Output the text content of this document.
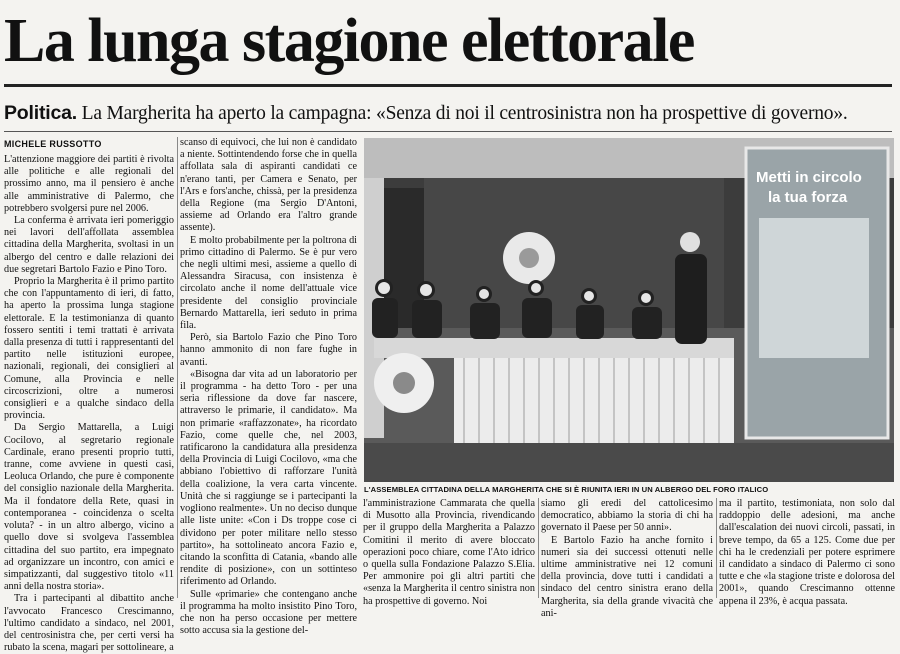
La lunga stagione elettorale
Politica. La Margherita ha aperto la campagna: «Senza di noi il centrosinistra non ha prospettive di governo».
MICHELE RUSSOTTO

L'attenzione maggiore dei partiti è rivolta alle politiche e alle regionali del prossimo anno, ma il pensiero è anche alle amministrative di Palermo, che potrebbero svolgersi pure nel 2006.

La conferma è arrivata ieri pomeriggio nei lavori dell'affollata assemblea cittadina della Margherita, svoltasi in un albergo del centro e dalle relazioni dei due segretari Bartolo Fazio e Pino Toro.

Proprio la Margherita è il primo partito che con l'appuntamento di ieri, di fatto, ha aperto la prossima lunga stagione elettorale. E la testimonianza di quanto fossero sentiti i temi trattati è arrivata dalla presenza di tutti i rappresentanti del partito nelle istituzioni europee, nazionali, regionali, dei consiglieri al Comune, alla Provincia e nelle circoscrizioni, oltre a numerosi consiglieri e a qualche sindaco della provincia.

Da Sergio Mattarella, a Luigi Cocilovo, al segretario regionale Cardinale, erano presenti proprio tutti, tranne, come avviene in questi casi, Leoluca Orlando, che pure è componente del consiglio nazionale della Margherita. Ma il fondatore della Rete, quasi in contemporanea - coincidenza o scelta voluta? - in un altro albergo, vicino a quello dove si svolgeva l'assemblea cittadina del suo partito, era impegnato ad organizzare un incontro, con amici e simpatizzanti, dal suggestivo titolo «11 anni della nostra storia».

Tra i partecipanti al dibattito anche l'avvocato Francesco Crescimanno, l'ultimo candidato a sindaco, nel 2001, del centrosinistra che, per certi versi ha rubato la scena, magari per sottolineare, a

scanso di equivoci, che lui non è candidato a niente. Sottintendendo forse che in quella affollata sala di aspiranti candidati ce n'erano tanti, per Camera e Senato, per l'Ars e fors'anche, chissà, per la presidenza della Regione (ma Sergio D'Antoni, assieme ad Orlando era l'altro grande assente).

E molto probabilmente per la poltrona di primo cittadino di Palermo. Se è pur vero che negli ultimi mesi, assieme a quello di Alessandra Siracusa, con insistenza è circolato anche il nome dell'attuale vice presidente del consiglio provinciale Bernardo Mattarella, ieri seduto in prima fila.

Però, sia Bartolo Fazio che Pino Toro hanno ammonito di non fare fughe in avanti.

«Bisogna dar vita ad un laboratorio per il programma - ha detto Toro - per una seria riflessione da dove far nascere, attraverso le primarie, il candidato». Ma non primarie «raffazzonate», ha ricordato Fazio, come quelle che, nel 2003, ratificarono la candidatura alla presidenza della Provincia di Luigi Cocilovo, «ma che abbiano l'obiettivo di rafforzare l'unità della coalizione, la vera carta vincente. Unità che si raggiunge se i partecipanti la vogliono realmente». Un no deciso dunque alle liste unite: «Con i Ds troppe cose ci dividono per poter militare nello stesso partito», ha sottolineato ancora Fazio e, citando la sconfitta di Catania, «bando alle rendite di posizione», con un sottinteso riferimento ad Orlando.

Sulle «primarie» che contengano anche il programma ha molto insistito Pino Toro, che non ha perso occasione per mettere sotto accusa sia la gestione del-

Metti in circolo
la tua forza
L'ASSEMBLEA CITTADINA DELLA MARGHERITA CHE SI È RIUNITA IERI IN UN ALBERGO DEL FORO ITALICO

l'amministrazione Cammarata che quella di Musotto alla Provincia, rivendicando per il gruppo della Margherita a Palazzo Comitini il merito di avere bloccato operazioni poco chiare, come l'Ato idrico o quella sulla Fondazione Palazzo S.Elia. Per ammonire poi gli altri partiti che «senza la Margherita il centro sinistra non ha prospettive di governo. Noi

siamo gli eredi del cattolicesimo democratico, abbiamo la storia di chi ha governato il Paese per 50 anni».

E Bartolo Fazio ha anche fornito i numeri sia dei successi ottenuti nelle ultime amministrative nei 12 comuni della provincia, dove tutti i candidati a sindaco del centro sinistra erano della Margherita, sia della grande vivacità che ani-

ma il partito, testimoniata, non solo dal raddoppio delle adesioni, ma anche dall'escalation dei nuovi circoli, passati, in breve tempo, da 65 a 125. Come due per chi ha le credenziali per potere esprimere il candidato a sindaco di Palermo ci sono tutte e che «la stagione triste e dolorosa del 2001», quando Crescimanno ottenne appena il 23%, è acqua passata.
